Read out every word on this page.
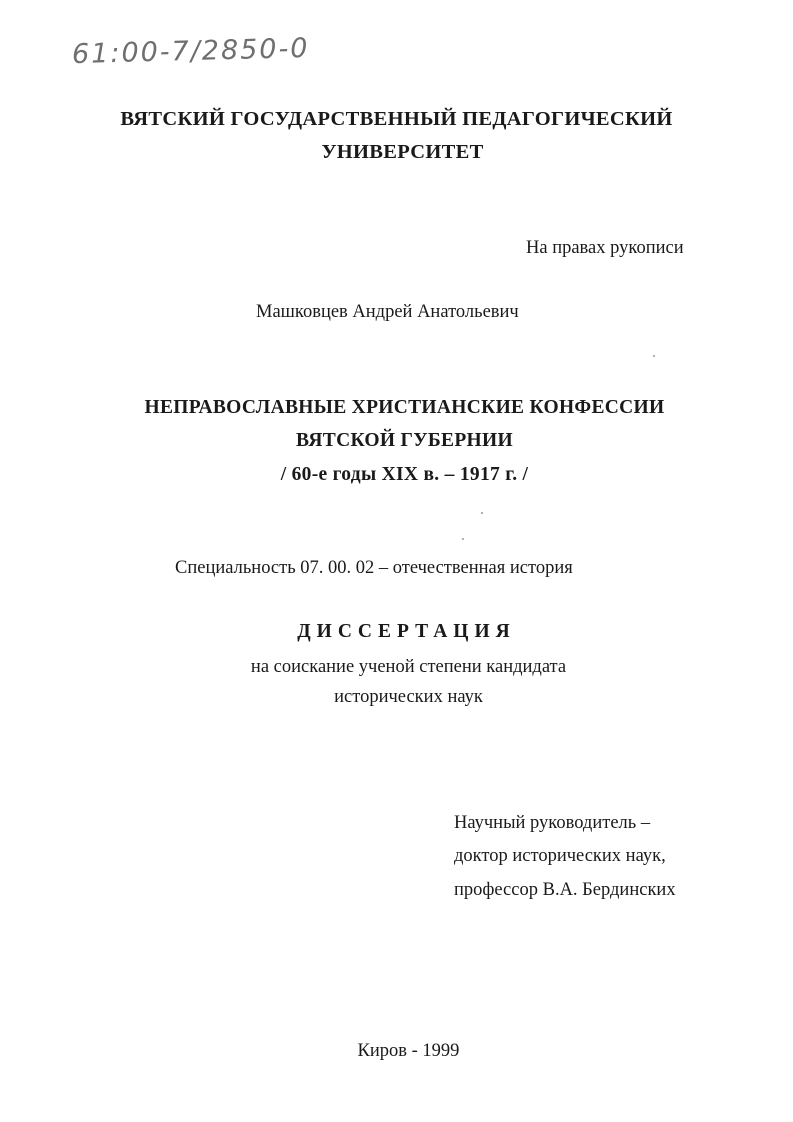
61:00-7/2850-0
ВЯТСКИЙ ГОСУДАРСТВЕННЫЙ ПЕДАГОГИЧЕСКИЙ
УНИВЕРСИТЕТ
На правах рукописи
Машковцев Андрей Анатольевич
НЕПРАВОСЛАВНЫЕ ХРИСТИАНСКИЕ КОНФЕССИИ
ВЯТСКОЙ ГУБЕРНИИ
/ 60-е годы XIX в. – 1917 г. /
Специальность 07. 00. 02 – отечественная история
ДИССЕРТАЦИЯ
на соискание ученой степени кандидата
исторических наук
Научный руководитель –
доктор исторических наук,
профессор В.А. Бердинских
Киров - 1999
